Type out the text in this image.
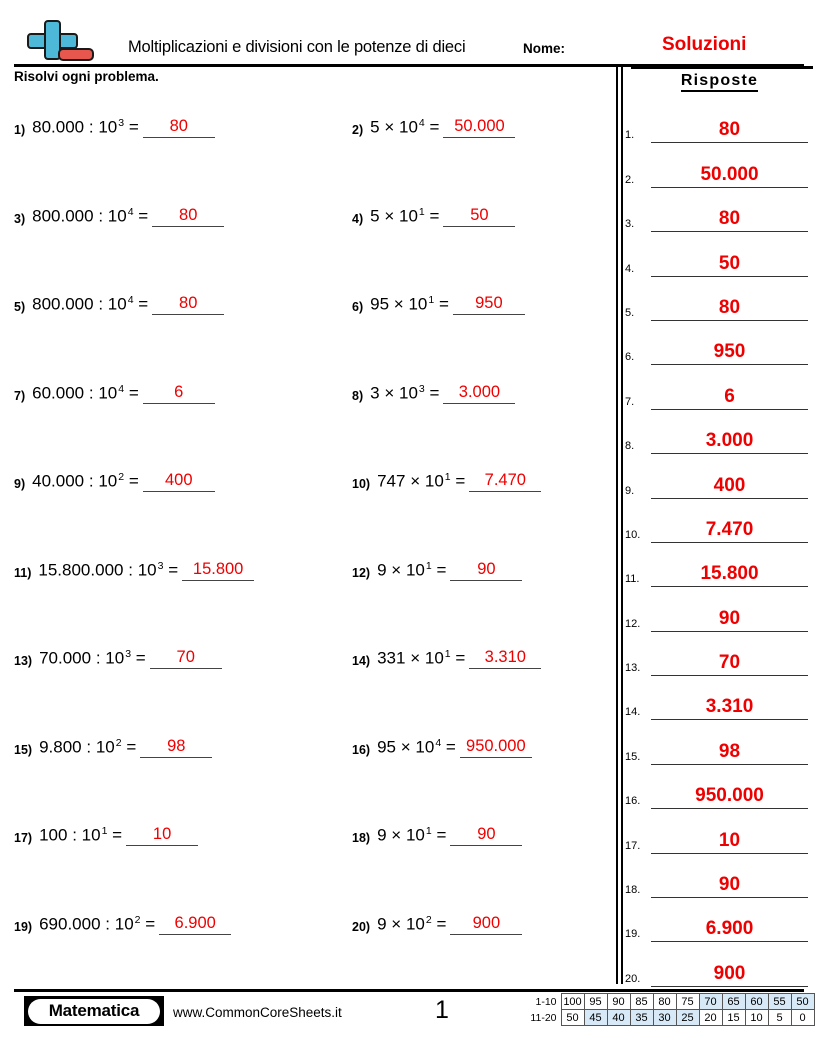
Moltiplicazioni e divisioni con le potenze di dieci	Nome:	Soluzioni
Risolvi ogni problema.
1) 80.000 : $10^3$ =	80	2) $5 \times 10^4 = 50.000$
3) 800.000 : $10^4$ =	80	4) $5 \times 10^1$ =	50
5) 800.000 : $10^4$ =	80	6) $95 \times 10^1$ =	950
7) 60.000 : $10^4$ =	6	8) $3 \times 10^3$ =	3.000
9) 40.000 : $10^2$ =	400	10) $747 \times 10^1$ =	7.470
11) 15.800.000 : $10^3 = 15.800$	12) $9 \times 10^1$ =	90
13) 70.000 : $10^3$ =	70	14) $331 \times 10^1$ =	3.310
15) 9.800 : $10^2$ =	98	16) $95 \times 10^4 = 950.000$
17) 100 : $10^1$ =	10	18) $9 \times 10^1$ =	90
19) 690.000 : $10^2$ =	6.900	20) $9 \times 10^2$ =	900
Risposte
1.	80
2.	50.000
3.	80
4.	50
5.	80
6.	950
7.	6
8.	3.000
9.	400
10.	7.470
11.	15.800
12.	90
13.	70
14.	3.310
15.	98
16.	950.000
17.	10
18.	90
19.	6.900
20.	900
Matematica	www.CommonCoreSheets.it	1	1-10	100	95	90	85	80	75	70	65	60	55	50
11-20	50	45	40	35	30	25	20	15	10	5	0
